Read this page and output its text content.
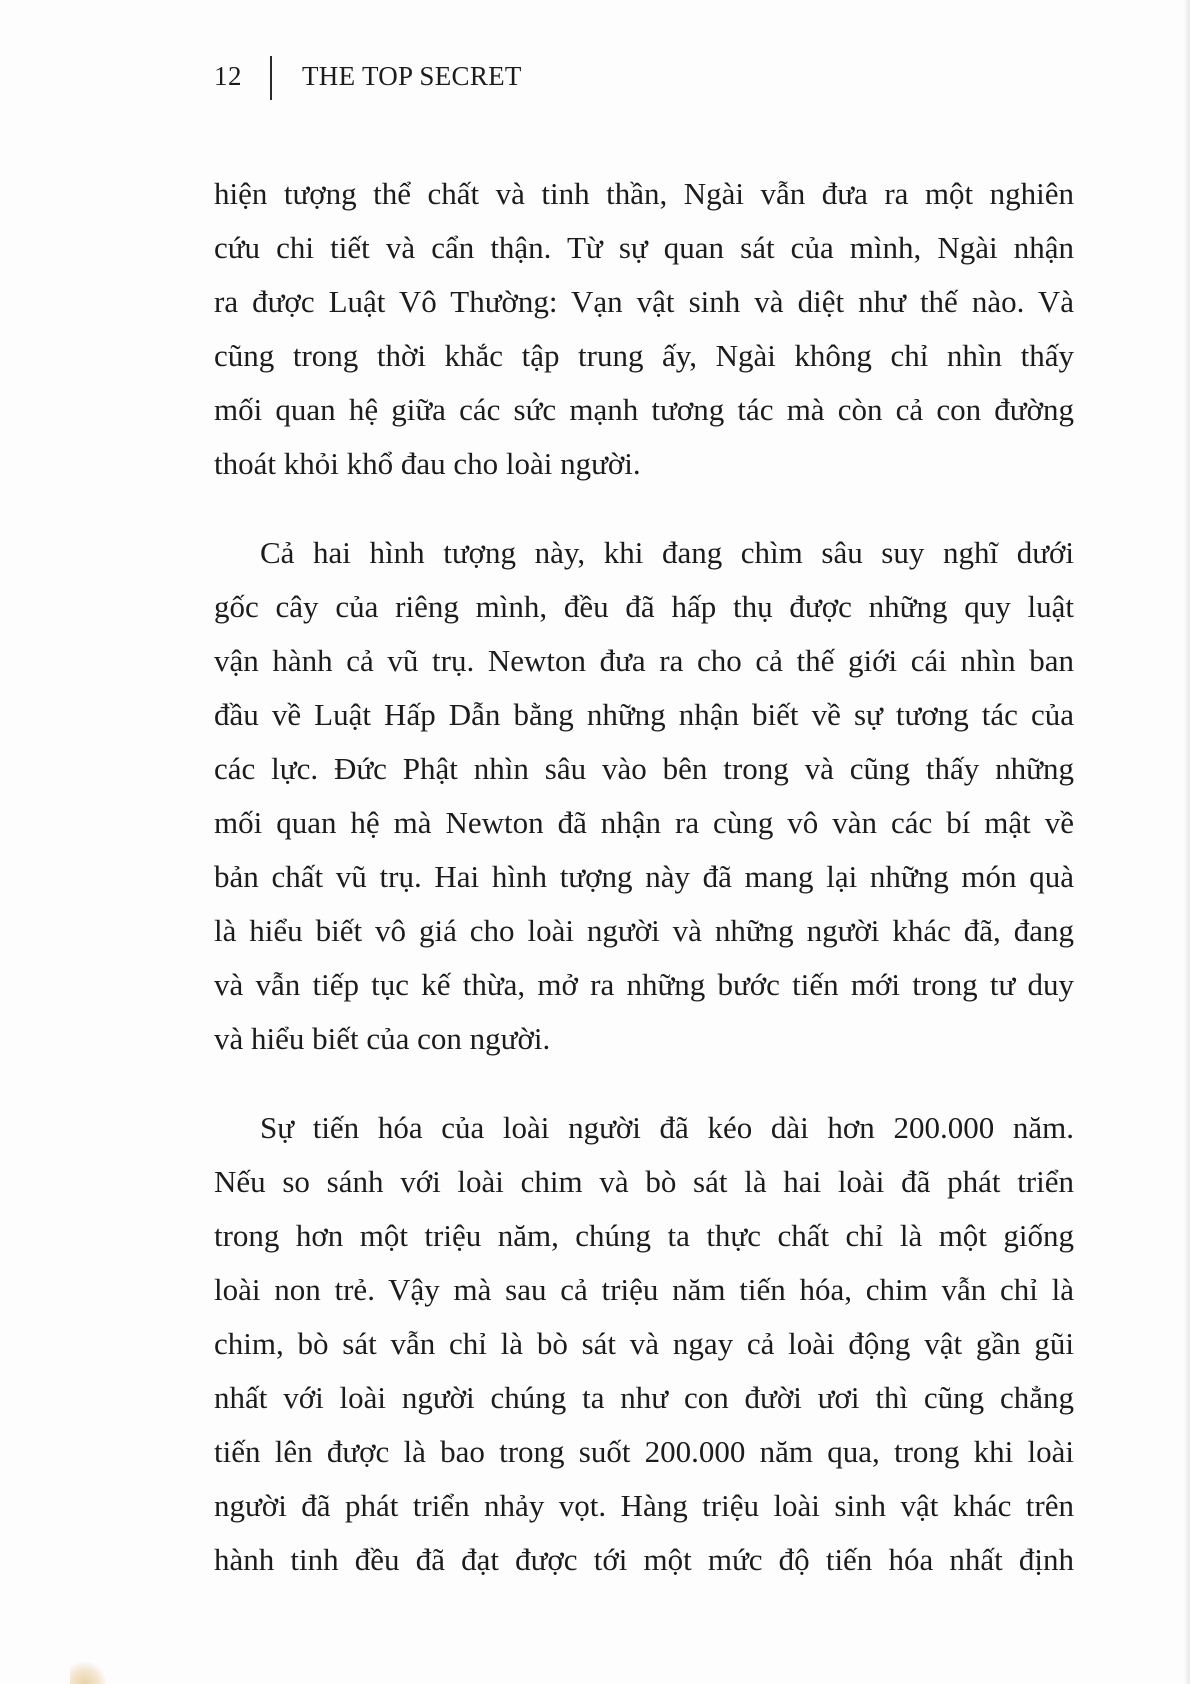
12 THE TOP SECRET

hiện tượng thể chất và tinh thần, Ngài vẫn đưa ra một nghiên
cứu chi tiết và cẩn thận. Từ sự quan sát của mình, Ngài nhận
ra được Luật Vô Thường: Vạn vật sinh và diệt như thế nào. Và
cũng trong thời khắc tập trung ấy, Ngài không chỉ nhìn thấy
mối quan hệ giữa các sức mạnh tương tác mà còn cả con đường
thoát khỏi khổ đau cho loài người.

Cả hai hình tượng này, khi đang chìm sâu suy nghĩ dưới
gốc cây của riêng mình, đều đã hấp thụ được những quy luật
vận hành cả vũ trụ. Newton đưa ra cho cả thế giới cái nhìn ban
đầu về Luật Hấp Dẫn bằng những nhận biết về sự tương tác của
các lực. Đức Phật nhìn sâu vào bên trong và cũng thấy những
mối quan hệ mà Newton đã nhận ra cùng vô vàn các bí mật về
bản chất vũ trụ. Hai hình tượng này đã mang lại những món quà
là hiểu biết vô giá cho loài người và những người khác đã, đang
và vẫn tiếp tục kế thừa, mở ra những bước tiến mới trong tư duy
và hiểu biết của con người.

Sự tiến hóa của loài người đã kéo dài hơn 200.000 năm.
Nếu so sánh với loài chim và bò sát là hai loài đã phát triển
trong hơn một triệu năm, chúng ta thực chất chỉ là một giống
loài non trẻ. Vậy mà sau cả triệu năm tiến hóa, chim vẫn chỉ là
chim, bò sát vẫn chỉ là bò sát và ngay cả loài động vật gần gũi
nhất với loài người chúng ta như con đười ươi thì cũng chẳng
tiến lên được là bao trong suốt 200.000 năm qua, trong khi loài
người đã phát triển nhảy vọt. Hàng triệu loài sinh vật khác trên
hành tinh đều đã đạt được tới một mức độ tiến hóa nhất định
